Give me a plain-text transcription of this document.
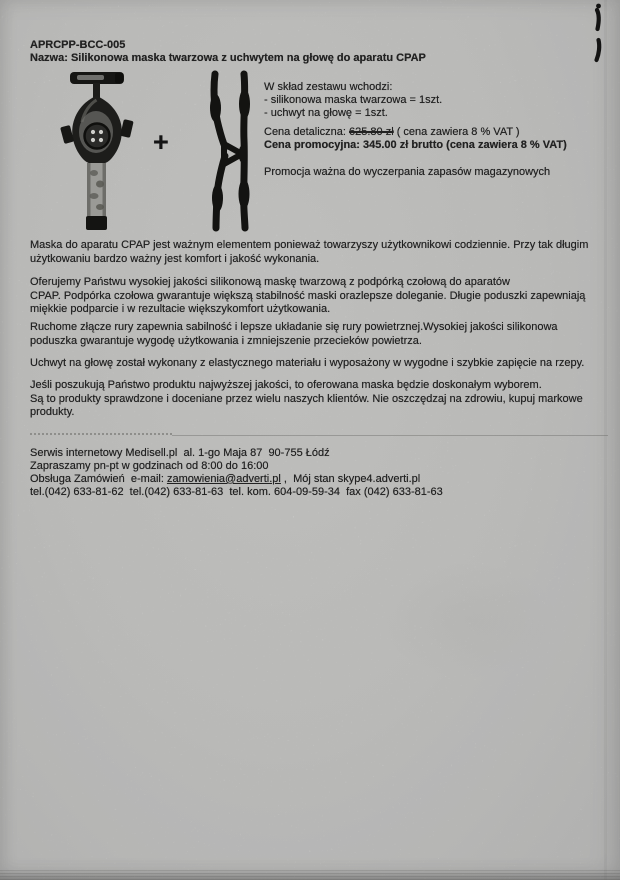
APRCPP-BCC-005
Nazwa: Silikonowa maska twarzowa z uchwytem na głowę do aparatu CPAP
+
W skład zestawu wchodzi:
- silikonowa maska twarzowa = 1szt.
- uchwyt na głowę = 1szt.
Cena detaliczna: 625.80 zł ( cena zawiera 8 % VAT )
Cena promocyjna: 345.00 zł brutto (cena zawiera 8 % VAT)
Promocja ważna do wyczerpania zapasów magazynowych
Maska do aparatu CPAP jest ważnym elementem ponieważ towarzyszy użytkownikowi codziennie. Przy tak długim
użytkowaniu bardzo ważny jest komfort i jakość wykonania.
Oferujemy Państwu wysokiej jakości silikonową maskę twarzową z podpórką czołową do aparatów
CPAP. Podpórka czołowa gwarantuje większą stabilność maski orazlepsze doleganie. Długie poduszki zapewniają
miękkie podparcie i w rezultacie większykomfort użytkowania.
Ruchome złącze rury zapewnia sabilność i lepsze układanie się rury powietrznej.Wysokiej jakości silikonowa
poduszka gwarantuje wygodę użytkowania i zmniejszenie przecieków powietrza.
Uchwyt na głowę został wykonany z elastycznego materiału i wyposażony w wygodne i szybkie zapięcie na rzepy.
Jeśli poszukują Państwo produktu najwyższej jakości, to oferowana maska będzie doskonałym wyborem.
Są to produkty sprawdzone i doceniane przez wielu naszych klientów. Nie oszczędzaj na zdrowiu, kupuj markowe
produkty.
Serwis internetowy Medisell.pl  al. 1-go Maja 87  90-755 Łódź
Zapraszamy pn-pt w godzinach od 8:00 do 16:00
Obsługa Zamówień  e-mail: zamowienia@adverti.pl ,  Mój stan skype4.adverti.pl
tel.(042) 633-81-62  tel.(042) 633-81-63  tel. kom. 604-09-59-34  fax (042) 633-81-63
